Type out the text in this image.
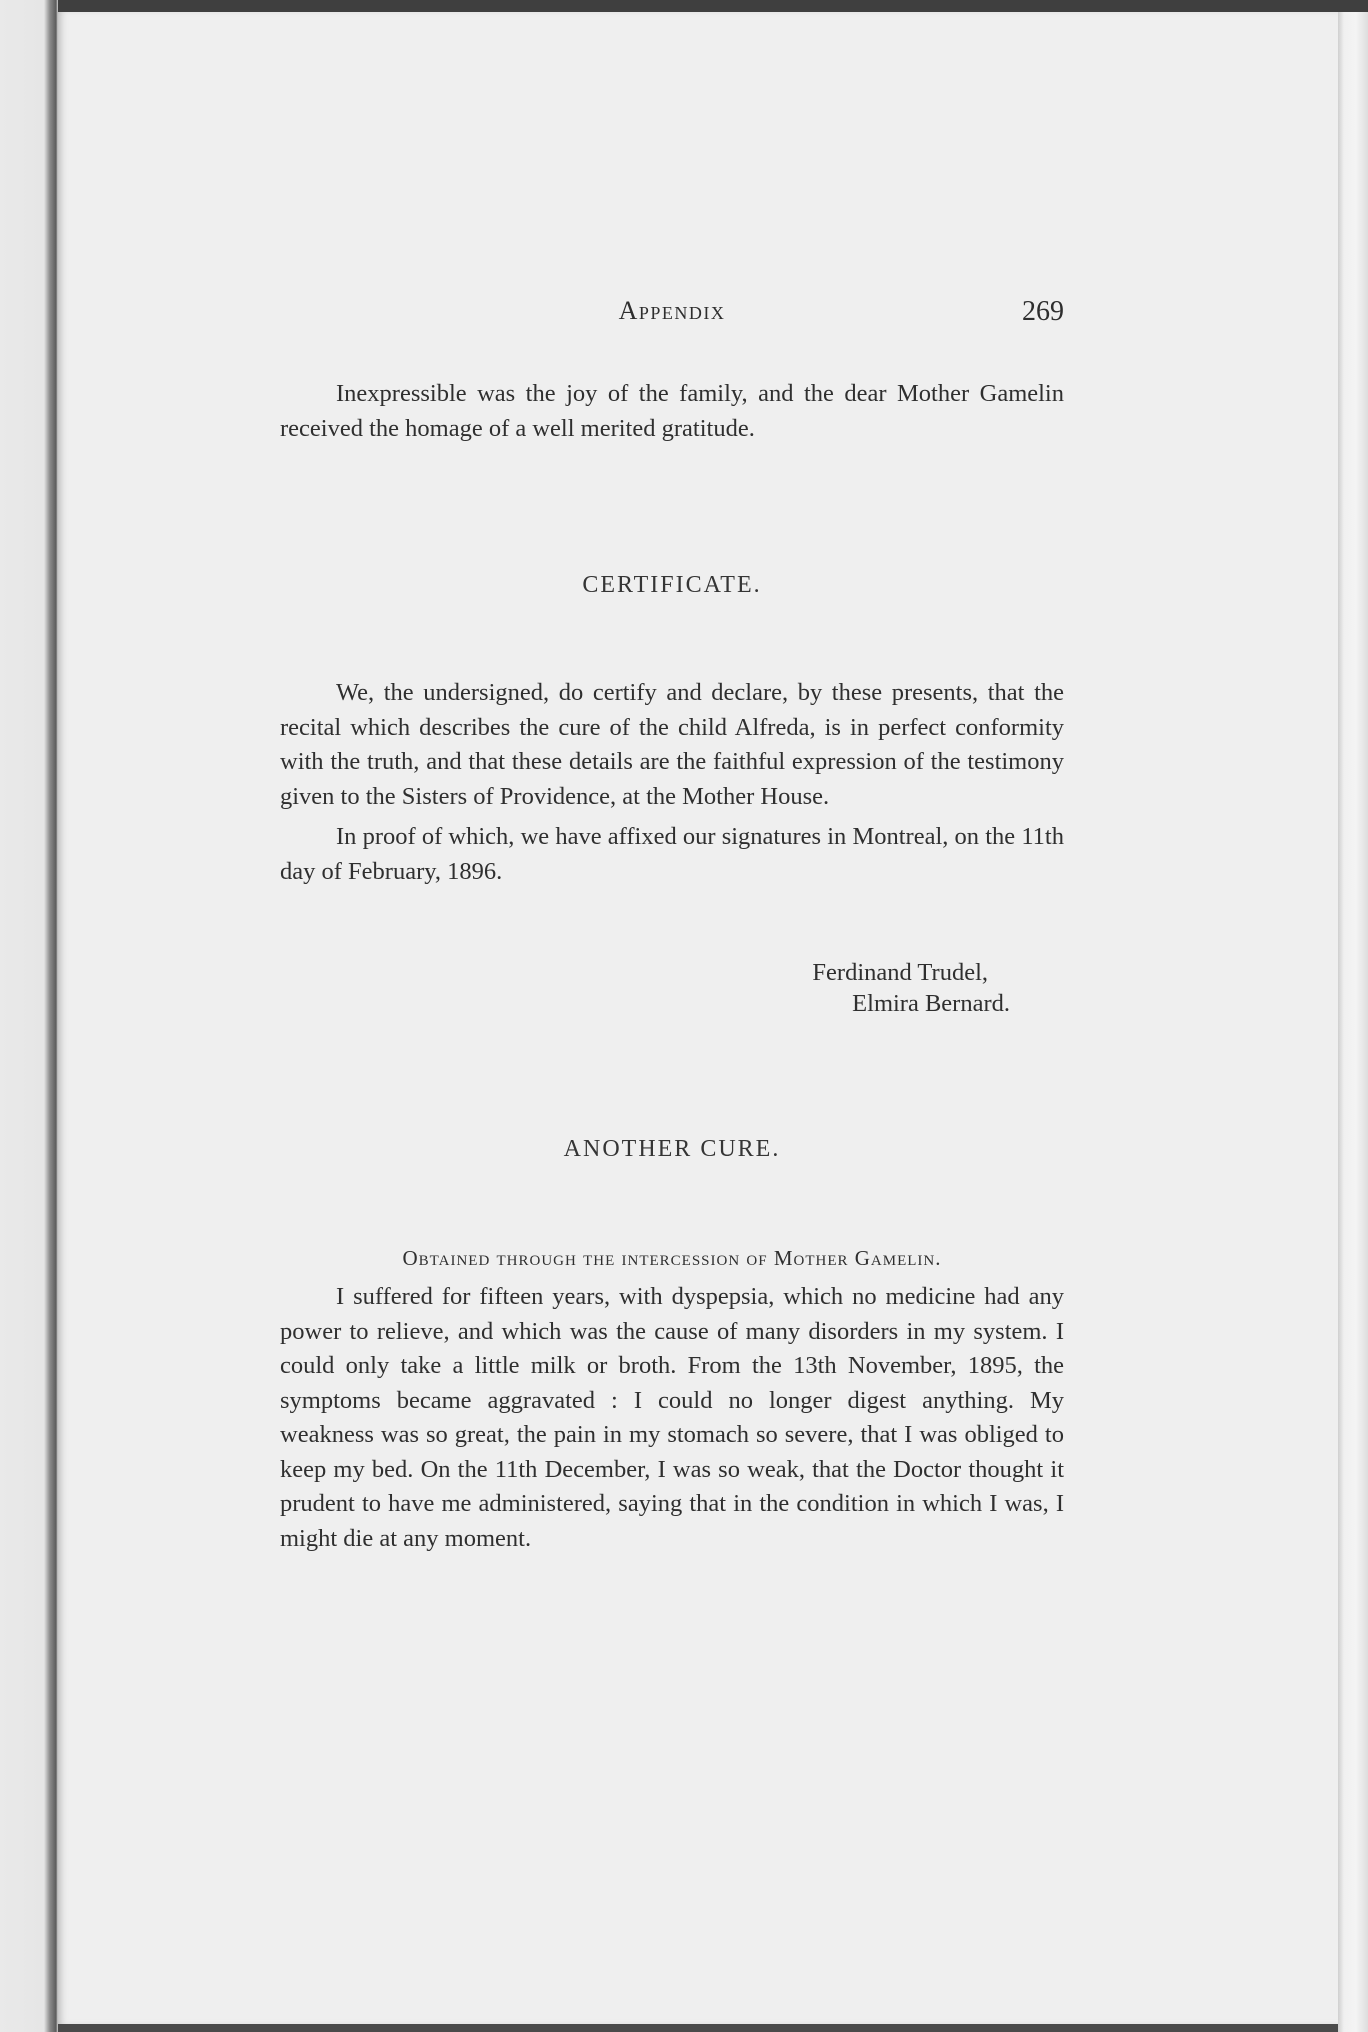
Appendix	269

Inexpressible was the joy of the family, and the dear Mother Gamelin received the homage of a well merited gratitude.

CERTIFICATE.

We, the undersigned, do certify and declare, by these presents, that the recital which describes the cure of the child Alfreda, is in perfect conformity with the truth, and that these details are the faithful expression of the testimony given to the Sisters of Providence, at the Mother House.

In proof of which, we have affixed our signatures in Montreal, on the 11th day of February, 1896.

Ferdinand Trudel,
Elmira Bernard.
ANOTHER CURE.
Obtained through the intercession of Mother Gamelin.

I suffered for fifteen years, with dyspepsia, which no medicine had any power to relieve, and which was the cause of many disorders in my system. I could only take a little milk or broth. From the 13th November, 1895, the symptoms became aggravated : I could no longer digest anything. My weakness was so great, the pain in my stomach so severe, that I was obliged to keep my bed. On the 11th December, I was so weak, that the Doctor thought it prudent to have me administered, saying that in the condition in which I was, I might die at any moment.
